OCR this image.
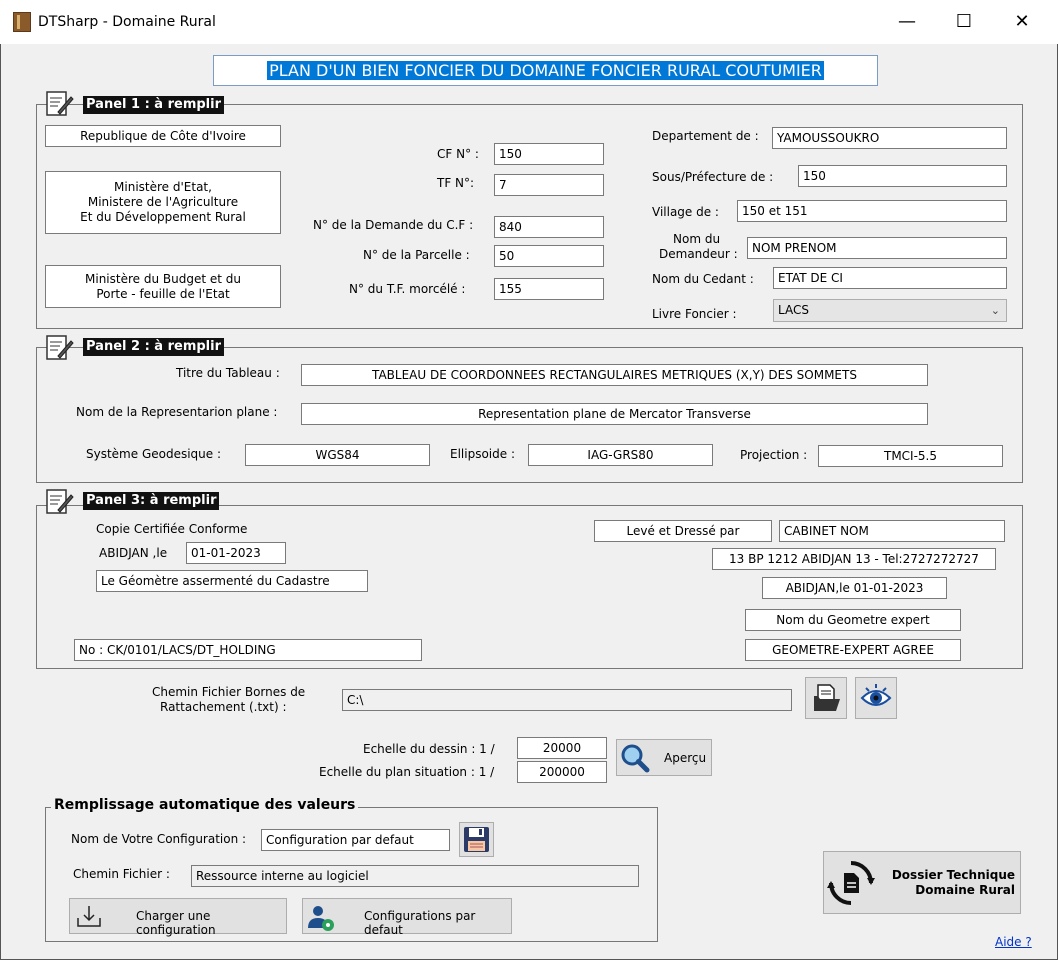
DTSharp - Domaine Rural	—	☐	✕
PLAN D'UN BIEN FONCIER DU DOMAINE FONCIER RURAL COUTUMIER
Panel 1 : à remplir
Republique de Côte d'Ivoire
Ministère d'Etat,
Ministere de l'Agriculture
Et du Développement Rural
Ministère du Budget et du
Porte - feuille de l'Etat
CF N° :	150
TF N°:	7
N° de la Demande du C.F :	840
N° de la Parcelle :	50
N° du T.F. morcélé :	155
Departement de :	YAMOUSSOUKRO
Sous/Préfecture de :	150
Village de :	150 et 151
Nom du
Demandeur :	NOM PRENOM
Nom du Cedant :	ETAT DE CI
Livre Foncier :	LACS	⌄
Panel 2 : à remplir
Titre du Tableau :	TABLEAU DE COORDONNEES RECTANGULAIRES METRIQUES (X,Y) DES SOMMETS
Nom de la Representarion plane :	Representation plane de Mercator Transverse
Système Geodesique :	WGS84	Ellipsoide :	IAG-GRS80	Projection :	TMCI-5.5
Panel 3: à remplir
Copie Certifiée Conforme
ABIDJAN ,le	01-01-2023
Le Géomètre assermenté du Cadastre
No : CK/0101/LACS/DT_HOLDING
Levé et Dressé par	CABINET NOM
13 BP 1212 ABIDJAN 13 - Tel:2727272727
ABIDJAN,le 01-01-2023
Nom du Geometre expert
GEOMETRE-EXPERT AGREE
Chemin Fichier Bornes de
Rattachement (.txt) :	C:\
Echelle du dessin : 1 /	20000
Echelle du plan situation : 1 /	200000
Aperçu
Remplissage automatique des valeurs
Nom de Votre Configuration :	Configuration par defaut
Chemin Fichier :	Ressource interne au logiciel
Charger une configuration
Configurations par defaut
Dossier Technique
Domaine Rural
Aide ?
